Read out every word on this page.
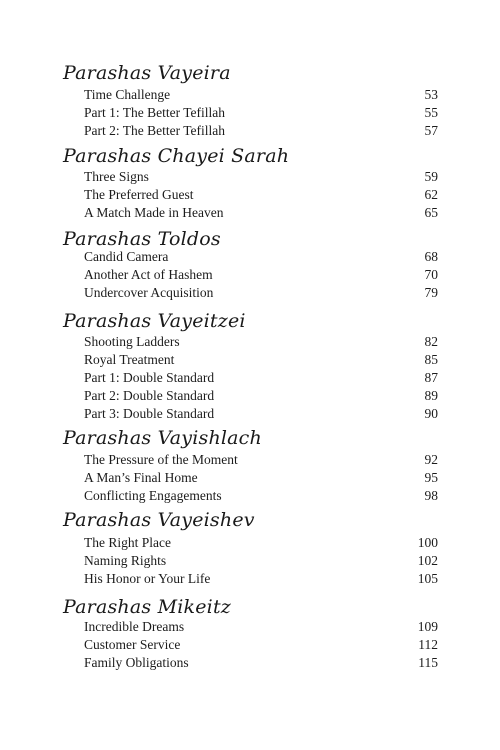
Parashas Vayeira
Time Challenge	53
Part 1: The Better Tefillah	55
Part 2: The Better Tefillah	57
Parashas Chayei Sarah
Three Signs	59
The Preferred Guest	62
A Match Made in Heaven	65
Parashas Toldos
Candid Camera	68
Another Act of Hashem	70
Undercover Acquisition	79
Parashas Vayeitzei
Shooting Ladders	82
Royal Treatment	85
Part 1: Double Standard	87
Part 2: Double Standard	89
Part 3: Double Standard	90
Parashas Vayishlach
The Pressure of the Moment	92
A Man’s Final Home	95
Conflicting Engagements	98
Parashas Vayeishev
The Right Place	100
Naming Rights	102
His Honor or Your Life	105
Parashas Mikeitz
Incredible Dreams	109
Customer Service	112
Family Obligations	115
